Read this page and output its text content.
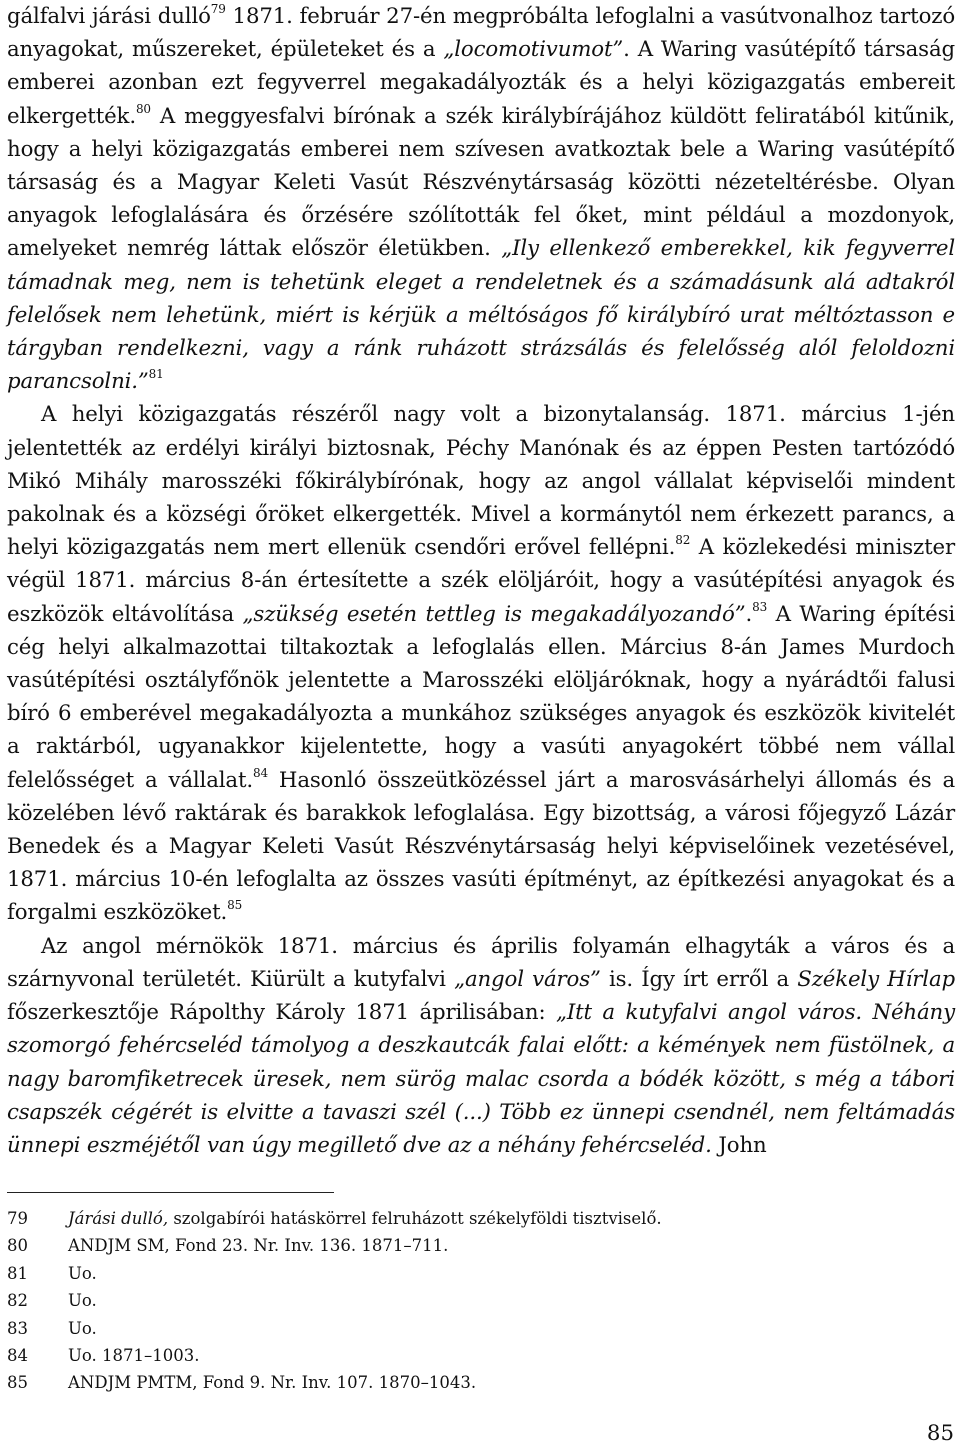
gálfalvi járási dulló$^{79}$ 1871. február 27-én megpróbálta lefoglalni a vasútvonalhoz tartozó anyagokat, műszereket, épületeket és a „locomotivumot”. A Waring vasútépítő társaság emberei azonban ezt fegyverrel megakadályozták és a helyi közigazgatás embereit elkergették.$^{80}$ A meggyesfalvi bírónak a szék királybírájához küldött feliratából kitűnik, hogy a helyi közigazgatás emberei nem szívesen avatkoztak bele a Waring vasútépítő társaság és a Magyar Keleti Vasút Részvénytársaság közötti nézeteltérésbe. Olyan anyagok lefoglalására és őrzésére szólították fel őket, mint például a mozdonyok, amelyeket nemrég láttak először életükben. „Ily ellenkező emberekkel, kik fegyverrel támadnak meg, nem is tehetünk eleget a rendeletnek és a számadásunk alá adtakról felelősek nem lehetünk, miért is kérjük a méltóságos fő királybíró urat méltóztasson e tárgyban rendelkezni, vagy a ránk ruházott strázsálás és felelősség alól feloldozni parancsolni.”$^{81}$

A helyi közigazgatás részéről nagy volt a bizonytalanság. 1871. március 1-jén jelentették az erdélyi királyi biztosnak, Péchy Manónak és az éppen Pesten tartózódó Mikó Mihály marosszéki főkirálybírónak, hogy az angol vállalat képviselői mindent pakolnak és a községi őröket elkergették. Mivel a kormánytól nem érkezett parancs, a helyi közigazgatás nem mert ellenük csendőri erővel fellépni.$^{82}$ A közlekedési miniszter végül 1871. március 8-án értesítette a szék elöljáróit, hogy a vasútépítési anyagok és eszközök eltávolítása „szükség esetén tettleg is megakadályozandó”.$^{83}$ A Waring építési cég helyi alkalmazottai tiltakoztak a lefoglalás ellen. Március 8-án James Murdoch vasútépítési osztályfőnök jelentette a Marosszéki elöljáróknak, hogy a nyárádtői falusi bíró 6 emberével megakadályozta a munkához szükséges anyagok és eszközök kivitelét a raktárból, ugyanakkor kijelentette, hogy a vasúti anyagokért többé nem vállal felelősséget a vállalat.$^{84}$ Hasonló összeütközéssel járt a marosvásárhelyi állomás és a közelében lévő raktárak és barakkok lefoglalása. Egy bizottság, a városi főjegyző Lázár Benedek és a Magyar Keleti Vasút Részvénytársaság helyi képviselőinek vezetésével, 1871. március 10-én lefoglalta az összes vasúti építményt, az építkezési anyagokat és a forgalmi eszközöket.$^{85}$

Az angol mérnökök 1871. március és április folyamán elhagyták a város és a szárnyvonal területét. Kiürült a kutyfalvi „angol város” is. Így írt erről a Székely Hírlap főszerkesztője Rápolthy Károly 1871 áprilisában: „Itt a kutyfalvi angol város. Néhány szomorgó fehércseléd támolyog a deszkautcák falai előtt: a kémények nem füstölnek, a nagy baromfiketrecek üresek, nem sürög malac csorda a bódék között, s még a tábori csapszék cégérét is elvitte a tavaszi szél (...) Több ez ünnepi csendnél, nem feltámadás ünnepi eszméjétől van úgy megillető dve az a néhány fehércseléd. John

79	Járási dulló, szolgabírói hatáskörrel felruházott székelyföldi tisztviselő.
80	ANDJM SM, Fond 23. Nr. Inv. 136. 1871–711.
81	Uo.
82	Uo.
83	Uo.
84	Uo. 1871–1003.
85	ANDJM PMTM, Fond 9. Nr. Inv. 107. 1870–1043.
85
